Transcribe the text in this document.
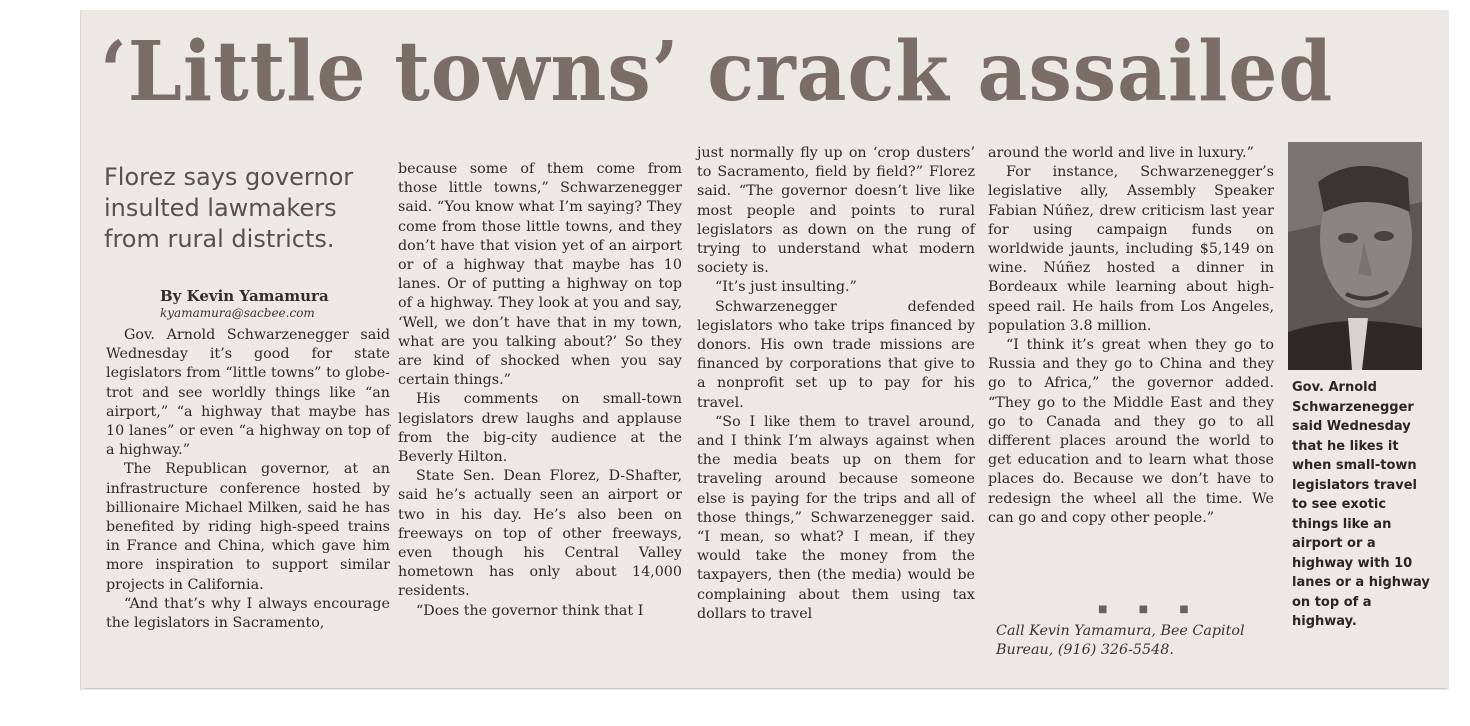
‘Little towns’ crack assailed
Florez says governor insulted lawmakers from rural districts.
By Kevin Yamamura
kyamamura@sacbee.com

Gov. Arnold Schwarzenegger said Wednesday it’s good for state legislators from “little towns” to globe-trot and see worldly things like “an airport,” “a highway that maybe has 10 lanes” or even “a highway on top of a highway.”

The Republican governor, at an infrastructure conference hosted by billionaire Michael Milken, said he has benefited by riding high-speed trains in France and China, which gave him more inspiration to support similar projects in California.

“And that’s why I always encourage the legislators in Sacramento,

because some of them come from those little towns,” Schwarzenegger said. “You know what I’m saying? They come from those little towns, and they don’t have that vision yet of an airport or of a highway that maybe has 10 lanes. Or of putting a highway on top of a highway. They look at you and say, ‘Well, we don’t have that in my town, what are you talking about?’ So they are kind of shocked when you say certain things.”

His comments on small-town legislators drew laughs and applause from the big-city audience at the Beverly Hilton.

State Sen. Dean Florez, D-Shafter, said he’s actually seen an airport or two in his day. He’s also been on freeways on top of other freeways, even though his Central Valley hometown has only about 14,000 residents.

“Does the governor think that I

just normally fly up on ‘crop dusters’ to Sacramento, field by field?” Florez said. “The governor doesn’t live like most people and points to rural legislators as down on the rung of trying to understand what modern society is.

“It’s just insulting.”

Schwarzenegger defended legislators who take trips financed by donors. His own trade missions are financed by corporations that give to a nonprofit set up to pay for his travel.

“So I like them to travel around, and I think I’m always against when the media beats up on them for traveling around because someone else is paying for the trips and all of those things,” Schwarzenegger said. “I mean, so what? I mean, if they would take the money from the taxpayers, then (the media) would be complaining about them using tax dollars to travel

around the world and live in luxury.”

For instance, Schwarzenegger’s legislative ally, Assembly Speaker Fabian Núñez, drew criticism last year for using campaign funds on worldwide jaunts, including $5,149 on wine. Núñez hosted a dinner in Bordeaux while learning about high-speed rail. He hails from Los Angeles, population 3.8 million.

“I think it’s great when they go to Russia and they go to China and they go to Africa,” the governor added. “They go to the Middle East and they go to Canada and they go to all different places around the world to get education and to learn what those places do. Because we don’t have to redesign the wheel all the time. We can go and copy other people.”

■ ■ ■
Call Kevin Yamamura, Bee Capitol Bureau, (916) 326-5548.
Gov. Arnold Schwarzenegger said Wednesday that he likes it when small-town legislators travel to see exotic things like an airport or a highway with 10 lanes or a highway on top of a highway.
